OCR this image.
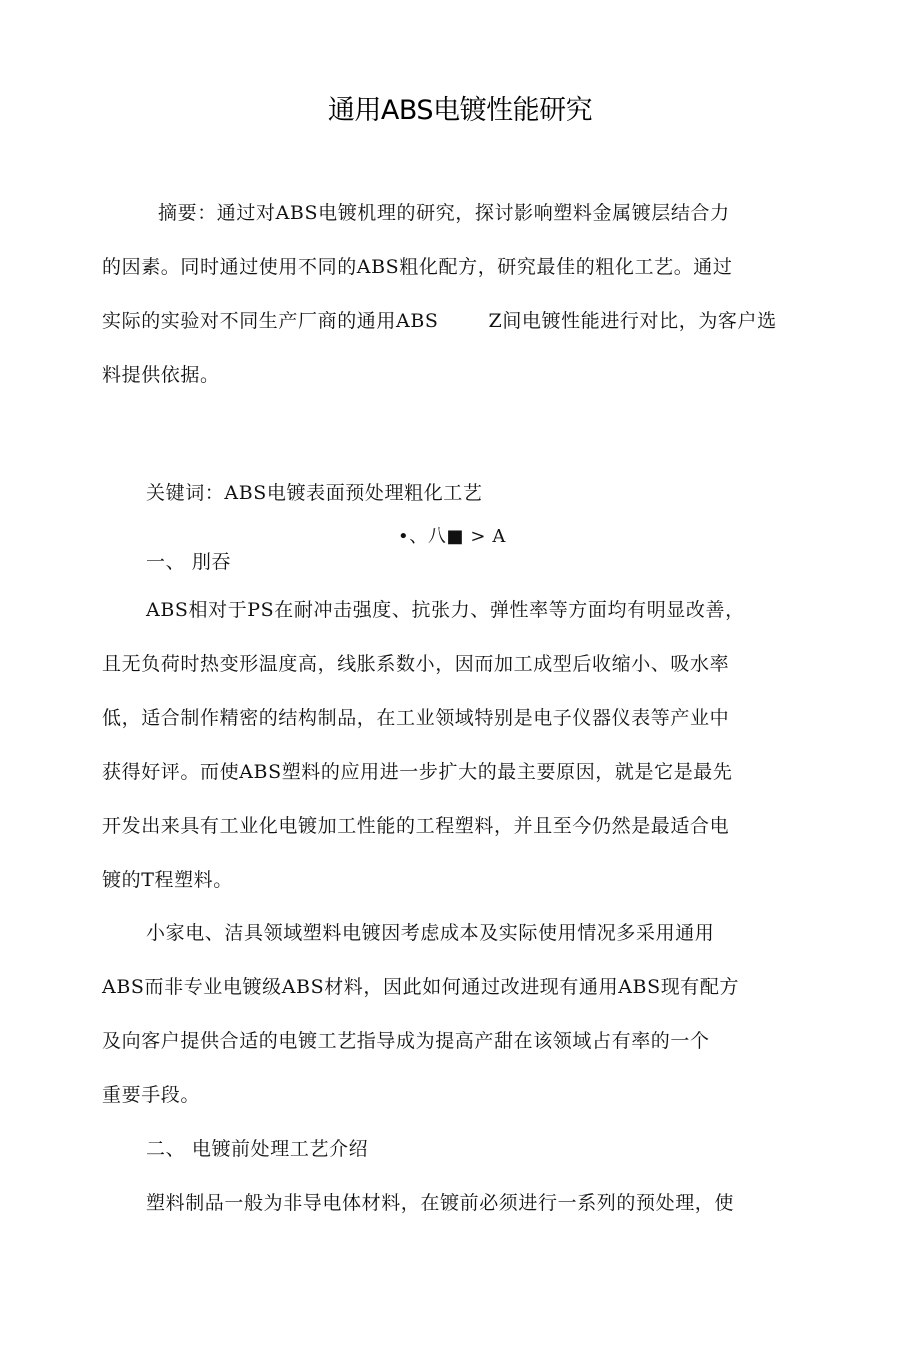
通用ABS电镀性能研究
摘要：通过对ABS电镀机理的研究，探讨影响塑料金属镀层结合力
的因素。同时通过使用不同的ABS粗化配方，研究最佳的粗化工艺。通过
实际的实验对不同生产厂商的通用ABS	Z间电镀性能进行对比，为客户选
料提供依据。
关键词：ABS电镀表面预处理粗化工艺
•、八■ > A
一、 刖吞
ABS相对于PS在耐冲击强度、抗张力、弹性率等方面均有明显改善，
且无负荷时热变形温度高，线胀系数小，因而加工成型后收缩小、吸水率
低，适合制作精密的结构制品，在工业领域特别是电子仪器仪表等产业中
获得好评。而使ABS塑料的应用进一步扩大的最主要原因，就是它是最先
开发出来具有工业化电镀加工性能的工程塑料，并且至今仍然是最适合电
镀的T程塑料。
小家电、洁具领域塑料电镀因考虑成本及实际使用情况多采用通用
ABS而非专业电镀级ABS材料，因此如何通过改进现有通用ABS现有配方
及向客户提供合适的电镀工艺指导成为提高产甜在该领域占有率的一个
重要手段。
二、 电镀前处理工艺介绍
塑料制品一般为非导电体材料，在镀前必须进行一系列的预处理，使
